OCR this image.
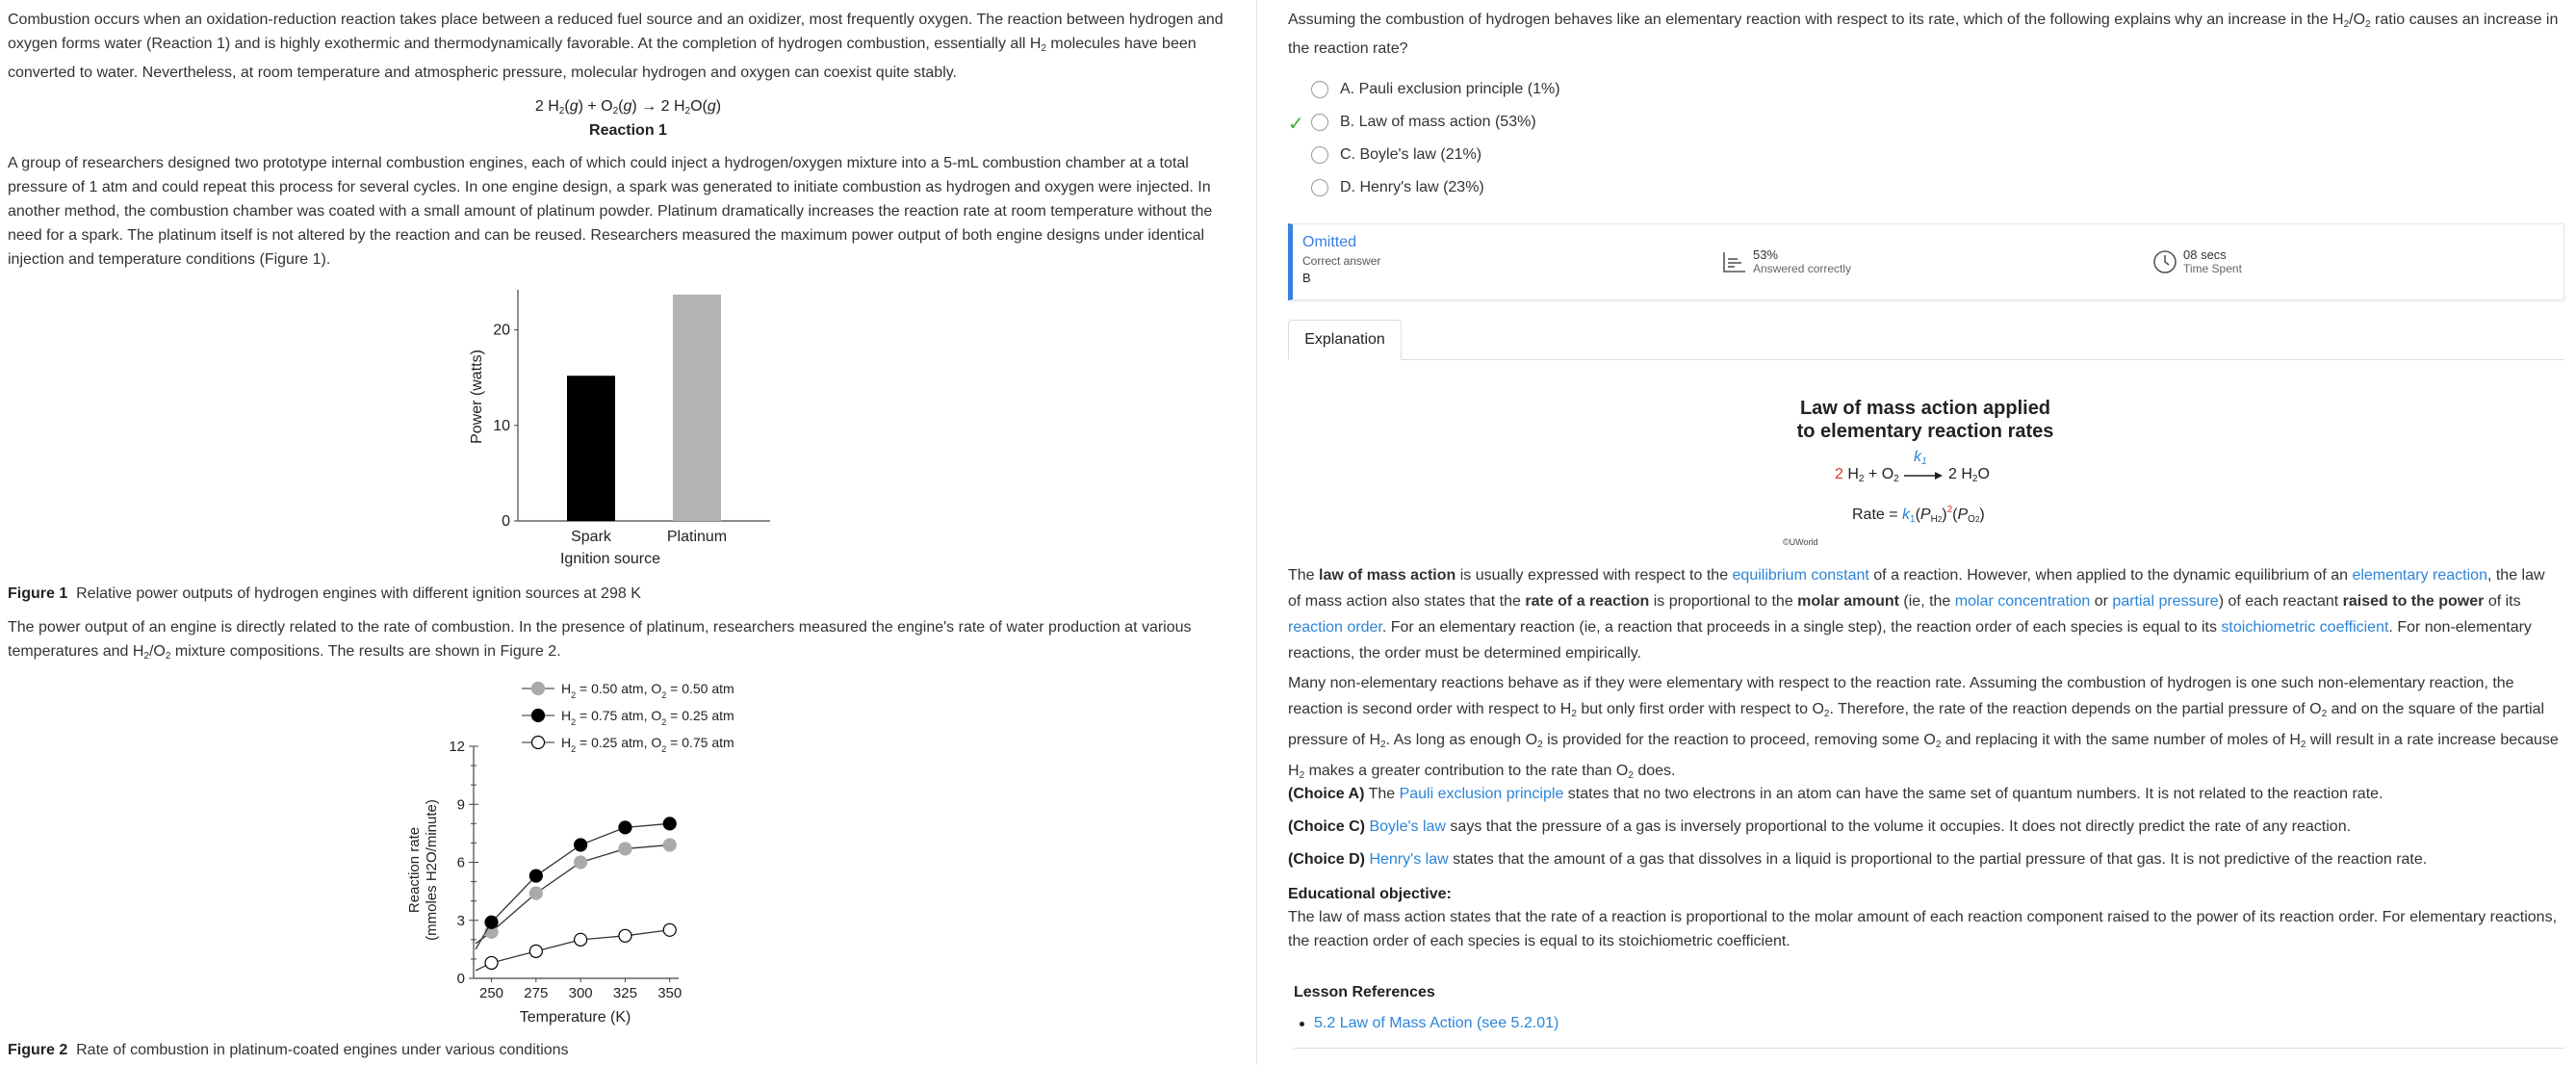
Combustion occurs when an oxidation-reduction reaction takes place between a reduced fuel source and an oxidizer, most frequently oxygen. The reaction between hydrogen and
oxygen forms water (Reaction 1) and is highly exothermic and thermodynamically favorable. At the completion of hydrogen combustion, essentially all $H_2$ molecules have been
converted to water. Nevertheless, at room temperature and atmospheric pressure, molecular hydrogen and oxygen can coexist quite stably.

2 $H_2(g) + O_2(g) \to 2$ $H_2O(g)$
Reaction 1

A group of researchers designed two prototype internal combustion engines, each of which could inject a hydrogen/oxygen mixture into a 5-mL combustion chamber at a total
pressure of 1 atm and could repeat this process for several cycles. In one engine design, a spark was generated to initiate combustion as hydrogen and oxygen were injected. In
another method, the combustion chamber was coated with a small amount of platinum powder. Platinum dramatically increases the reaction rate at room temperature without the
need for a spark. The platinum itself is not altered by the reaction and can be reused. Researchers measured the maximum power output of both engine designs under identical
injection and temperature conditions (Figure 1).

0
10
20
Spark	Platinum
Ignition source
Power (watts)
Figure 1 Relative power outputs of hydrogen engines with different ignition sources at 298 K

The power output of an engine is directly related to the rate of combustion. In the presence of platinum, researchers measured the engine's rate of water production at various
temperatures and $H_2/O_2$ mixture compositions. The results are shown in Figure 2.

$H_2 = 0.50$ atm, $O_2 = 0.50$ atm
$H_2 = 0.75$ atm, $O_2 = 0.25$ atm
$H_2 = 0.25$ atm, $O_2 = 0.75$ atm
0
3
6
9
12
250 275 300 325 350
Temperature (K)
Reaction rate (mmoles H2O/minute)
Figure 2 Rate of combustion in platinum-coated engines under various conditions
Assuming the combustion of hydrogen behaves like an elementary reaction with respect to its rate, which of the following explains why an increase in the $H_2/O_2$ ratio causes an increase in
the reaction rate?
A. Pauli exclusion principle (1%)
✓ B. Law of mass action (53%)
C. Boyle's law (21%)
D. Henry's law (23%)
Omitted
Correct answer
B
53%
Answered correctly
08 secs
Time Spent
Explanation
Law of mass action applied
to elementary reaction rates
2 $H_2 + O_2$
$k_1$
→ 2 $H_2O$
Rate = $k_1(P_{H2})^2(P_{O2})$
©UWorld
The law of mass action is usually expressed with respect to the equilibrium constant of a reaction. However, when applied to the dynamic equilibrium of an elementary reaction, the law
of mass action also states that the rate of a reaction is proportional to the molar amount (ie, the molar concentration or partial pressure) of each reactant raised to the power of its
reaction order. For an elementary reaction (ie, a reaction that proceeds in a single step), the reaction order of each species is equal to its stoichiometric coefficient. For non-elementary
reactions, the order must be determined empirically.
Many non-elementary reactions behave as if they were elementary with respect to the reaction rate. Assuming the combustion of hydrogen is one such non-elementary reaction, the
reaction is second order with respect to $H_2$ but only first order with respect to $O_2$. Therefore, the rate of the reaction depends on the partial pressure of $O_2$ and on the square of the partial
pressure of $H_2$. As long as enough $O_2$ is provided for the reaction to proceed, removing some $O_2$ and replacing it with the same number of moles of $H_2$ will result in a rate increase because
$H_2$ makes a greater contribution to the rate than $O_2$ does.
(Choice A) The Pauli exclusion principle states that no two electrons in an atom can have the same set of quantum numbers. It is not related to the reaction rate.
(Choice C) Boyle's law says that the pressure of a gas is inversely proportional to the volume it occupies. It does not directly predict the rate of any reaction.
(Choice D) Henry's law states that the amount of a gas that dissolves in a liquid is proportional to the partial pressure of that gas. It is not predictive of the reaction rate.
Educational objective:
The law of mass action states that the rate of a reaction is proportional to the molar amount of each reaction component raised to the power of its reaction order. For elementary reactions,
the reaction order of each species is equal to its stoichiometric coefficient.
Lesson References
5.2 Law of Mass Action (see 5.2.01)
